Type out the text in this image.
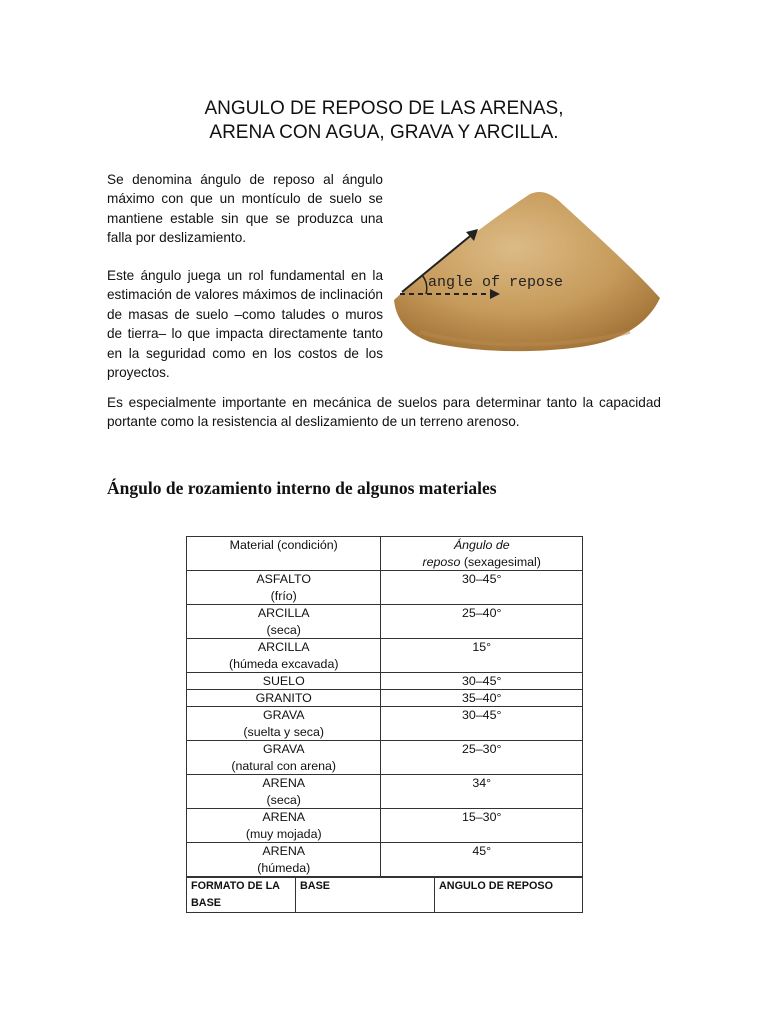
ANGULO DE REPOSO DE LAS ARENAS,
ARENA CON AGUA, GRAVA Y ARCILLA.

Se denomina ángulo de reposo al ángulo máximo con que un montículo de suelo se mantiene estable sin que se produzca una falla por deslizamiento.

Este ángulo juega un rol fundamental en la estimación de valores máximos de inclinación de masas de suelo –como taludes o muros de tierra– lo que impacta directamente tanto en la seguridad como en los costos de los proyectos.

angle of repose

Es especialmente importante en mecánica de suelos para determinar tanto la capacidad portante como la resistencia al deslizamiento de un terreno arenoso.

Ángulo de rozamiento interno de algunos materiales
Material (condición)	Ángulo de
reposo (sexagesimal)

ASFALTO
(frío)	30–45°

ARCILLA
(seca)	25–40°

ARCILLA
(húmeda excavada)	15°

SUELO	30–45°

GRANITO	35–40°

GRAVA
(suelta y seca)	30–45°

GRAVA
(natural con arena)	25–30°

ARENA
(seca)	34°

ARENA
(muy mojada)	15–30°

ARENA
(húmeda)	45°
FORMATO DE LA BASE	BASE	ANGULO DE REPOSO
